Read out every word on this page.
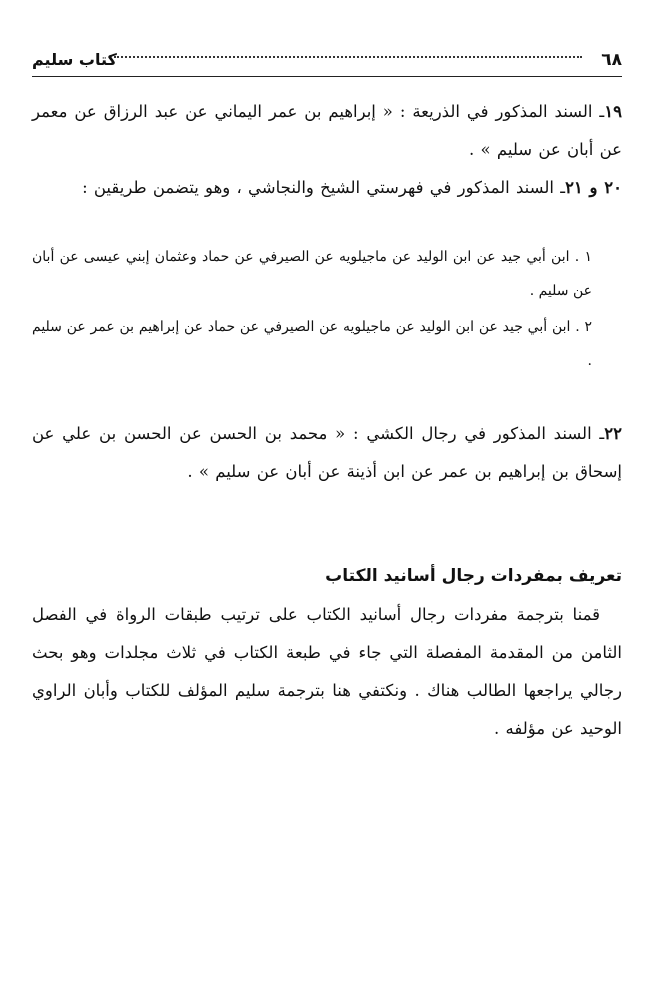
٦٨
كتاب سليم
١٩ـ السند المذكور في الذريعة : « إبراهيم بن عمر اليماني عن عبد الرزاق عن معمر عن أبان عن سليم » .
٢٠ و ٢١ـ السند المذكور في فهرستي الشيخ والنجاشي ، وهو يتضمن طريقين :
١ . ابن أبي جيد عن ابن الوليد عن ماجيلويه عن الصيرفي عن حماد وعثمان إبني عيسى عن أبان عن سليم .
٢ . ابن أبي جيد عن ابن الوليد عن ماجيلويه عن الصيرفي عن حماد عن إبراهيم بن عمر عن سليم .
٢٢ـ السند المذكور في رجال الكشي : « محمد بن الحسن عن الحسن بن علي عن إسحاق بن إبراهيم بن عمر عن ابن أذينة عن أبان عن سليم » .
تعريف بمفردات رجال أسانيد الكتاب
قمنا بترجمة مفردات رجال أسانيد الكتاب على ترتيب طبقات الرواة في الفصل الثامن من المقدمة المفصلة التي جاء في طبعة الكتاب في ثلاث مجلدات وهو بحث رجالي يراجعها الطالب هناك . ونكتفي هنا بترجمة سليم المؤلف للكتاب وأبان الراوي الوحيد عن مؤلفه .
